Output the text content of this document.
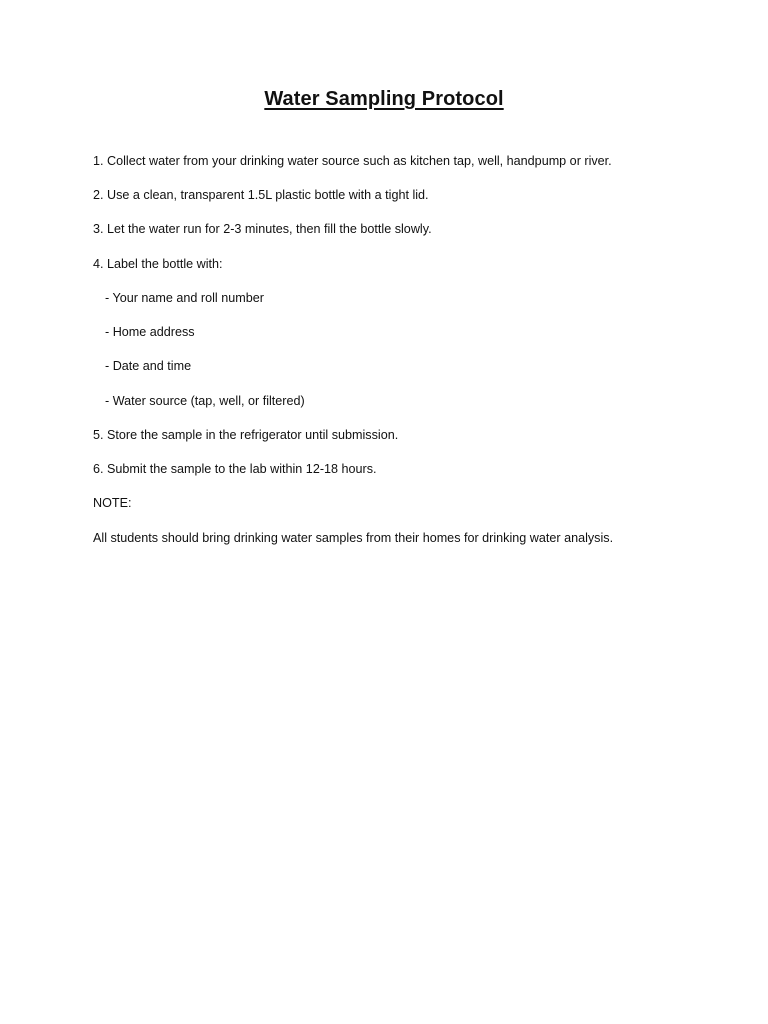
Water Sampling Protocol
1. Collect water from your drinking water source such as kitchen tap, well, handpump or river.
2. Use a clean, transparent 1.5L plastic bottle with a tight lid.
3. Let the water run for 2-3 minutes, then fill the bottle slowly.
4. Label the bottle with:
- Your name and roll number
- Home address
- Date and time
- Water source (tap, well, or filtered)
5. Store the sample in the refrigerator until submission.
6. Submit the sample to the lab within 12-18 hours.
NOTE:
All students should bring drinking water samples from their homes for drinking water analysis.
